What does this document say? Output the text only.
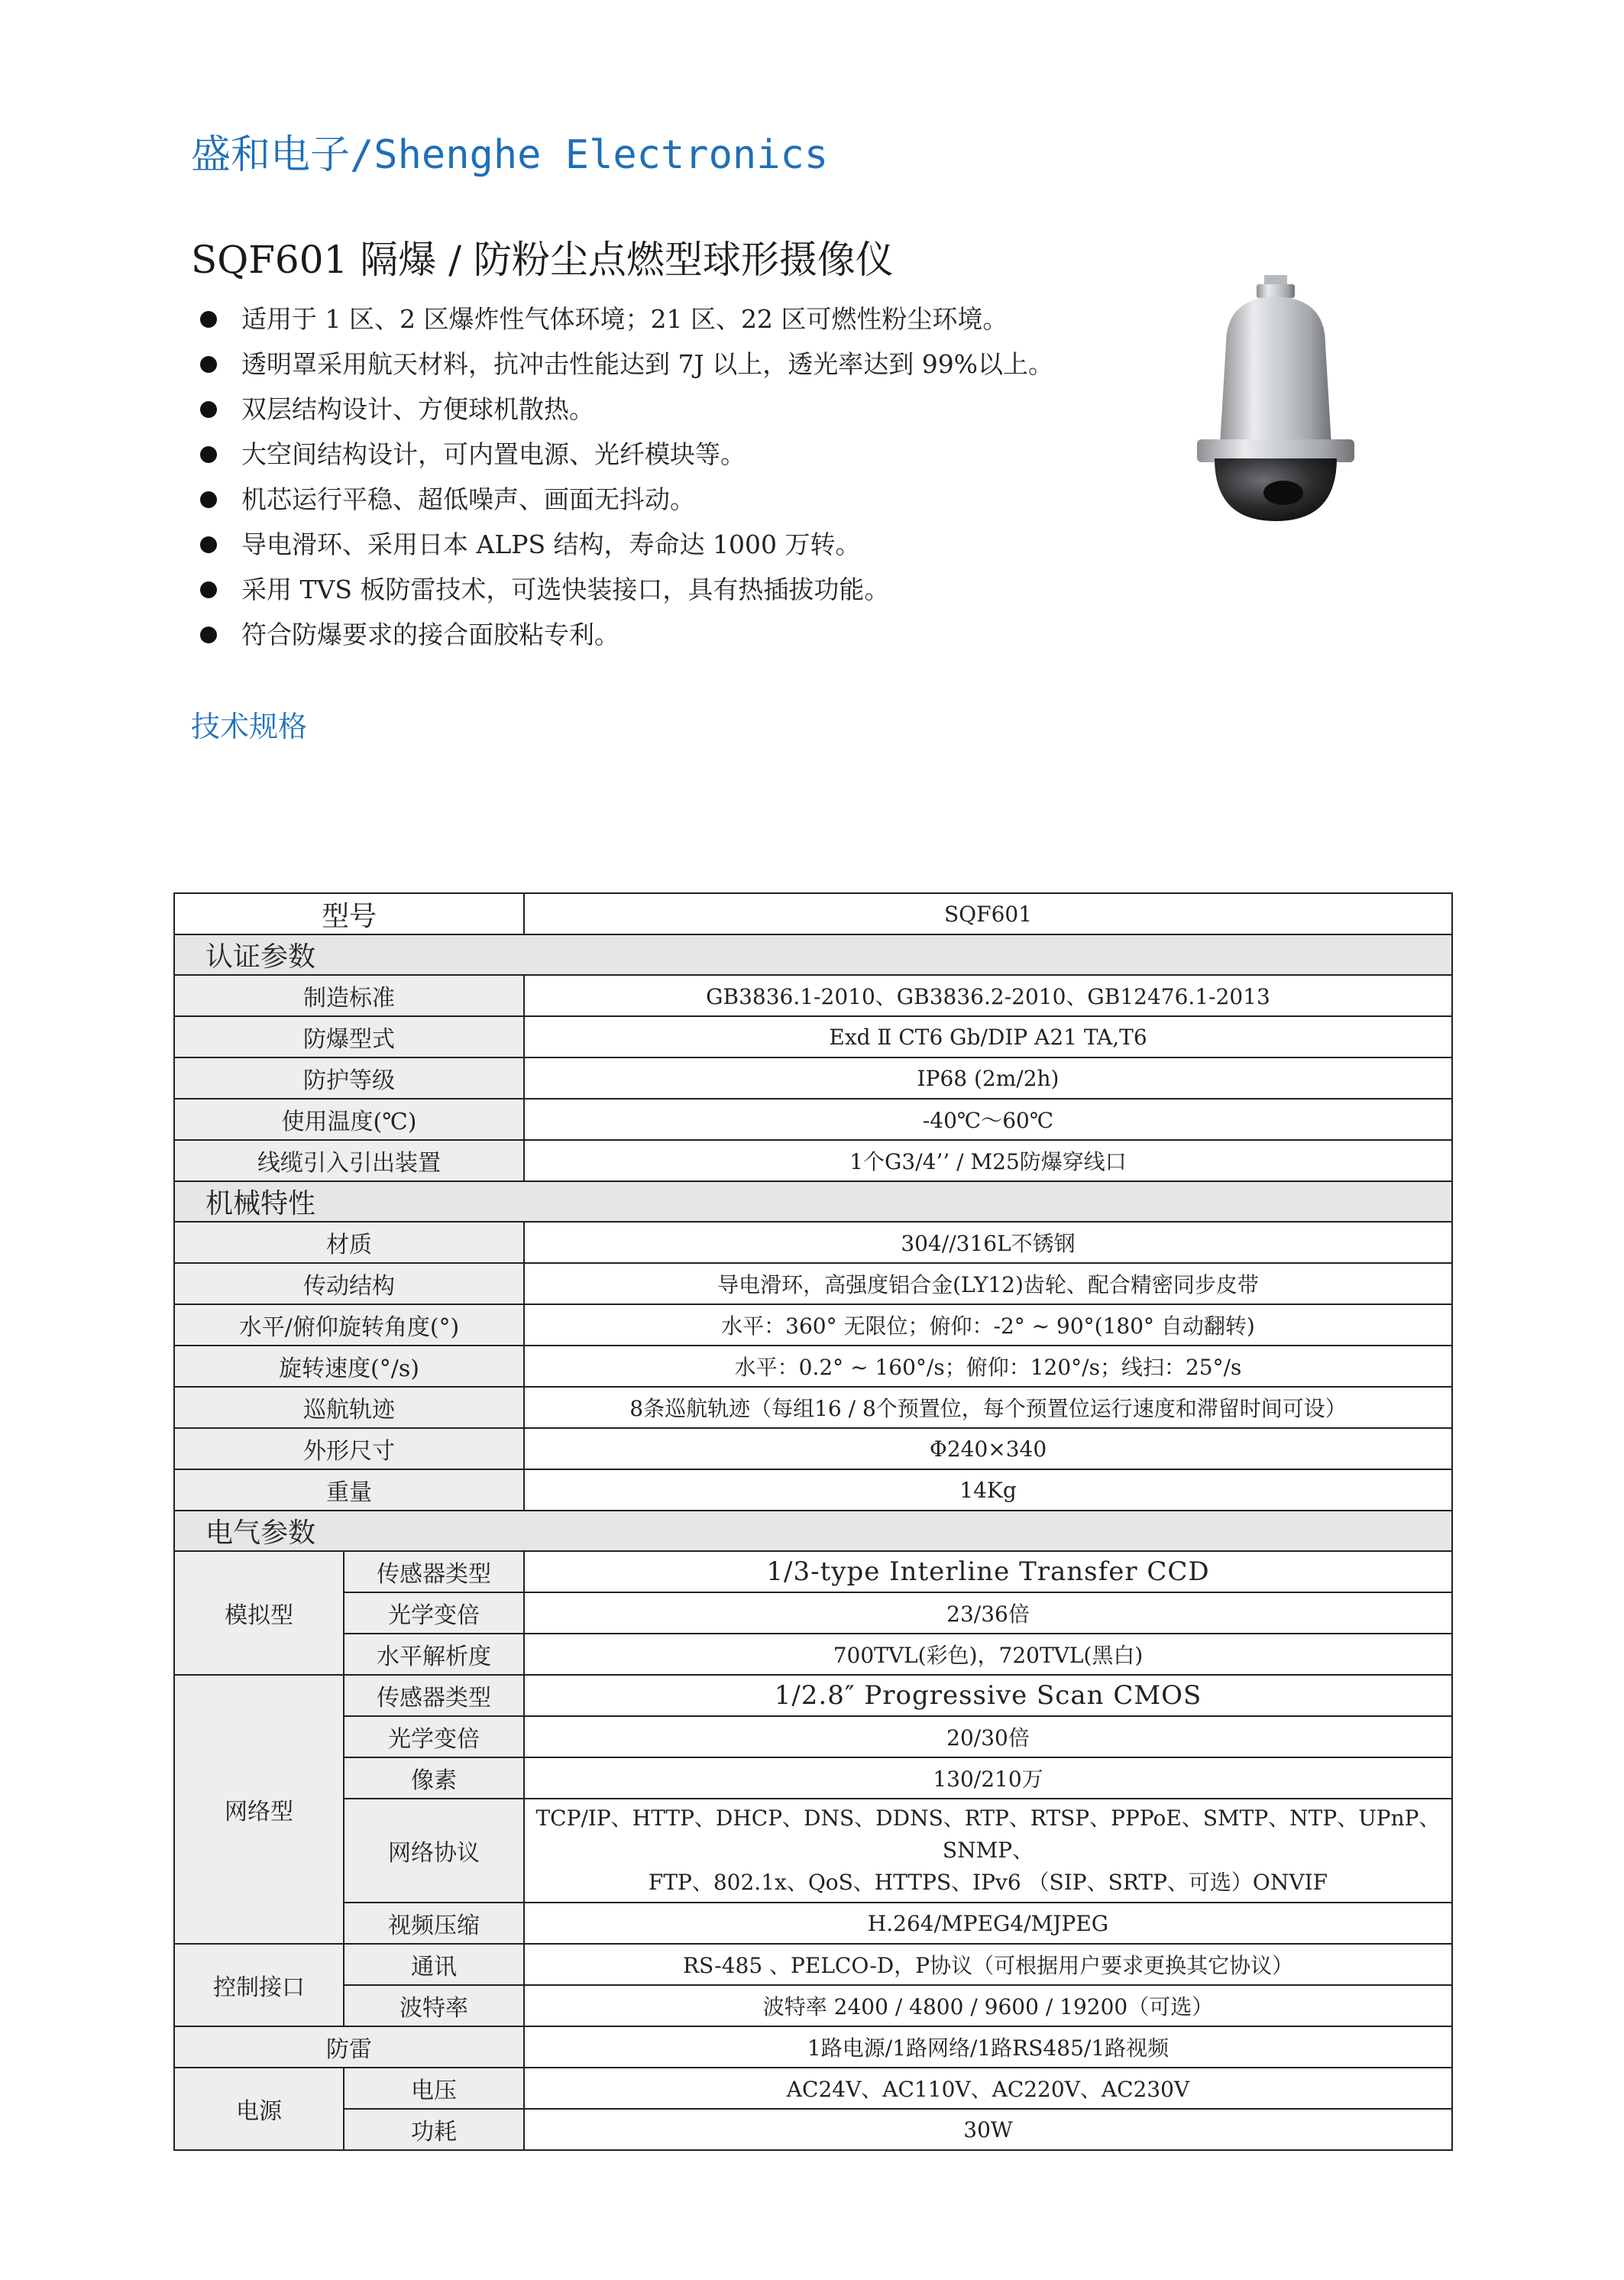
盛和电子/Shenghe Electronics
SQF601 隔爆 / 防粉尘点燃型球形摄像仪
适用于 1 区、2 区爆炸性气体环境；21 区、22 区可燃性粉尘环境。
透明罩采用航天材料，抗冲击性能达到 7J 以上，透光率达到 99%以上。
双层结构设计、方便球机散热。
大空间结构设计，可内置电源、光纤模块等。
机芯运行平稳、超低噪声、画面无抖动。
导电滑环、采用日本 ALPS 结构，寿命达 1000 万转。
采用 TVS 板防雷技术，可选快装接口，具有热插拔功能。
符合防爆要求的接合面胶粘专利。
技术规格
型号		SQF601
认证参数		
制造标准		GB3836.1-2010、GB3836.2-2010、GB12476.1-2013
防爆型式		Exd Ⅱ CT6 Gb/DIP A21 TA,T6
防护等级		IP68 (2m/2h)
使用温度(℃)		-40℃～60℃
线缆引入引出装置		1个G3/4’’ / M25防爆穿线口
机械特性		
材质		304//316L不锈钢
传动结构		导电滑环，高强度铝合金(LY12)齿轮、配合精密同步皮带
水平/俯仰旋转角度(°)		水平：360° 无限位；俯仰：-2° ~ 90°(180° 自动翻转)
旋转速度(°/s)		水平：0.2° ~ 160°/s；俯仰：120°/s；线扫：25°/s
巡航轨迹		8条巡航轨迹（每组16 / 8个预置位，每个预置位运行速度和滞留时间可设）
外形尺寸		Φ240×340
重量		14Kg
电气参数		
模拟型	传感器类型	1/3-type Interline Transfer CCD
	光学变倍	23/36倍
	水平解析度	700TVL(彩色)，720TVL(黑白)
网络型	传感器类型	1/2.8″ Progressive Scan CMOS
	光学变倍	20/30倍
	像素	130/210万
	网络协议	TCP/IP、HTTP、DHCP、DNS、DDNS、RTP、RTSP、PPPoE、SMTP、NTP、UPnP、SNMP、
FTP、802.1x、QoS、HTTPS、IPv6 （SIP、SRTP、可选）ONVIF

	视频压缩	H.264/MPEG4/MJPEG
控制接口	通讯	RS-485 、PELCO-D，P协议（可根据用户要求更换其它协议）
	波特率	波特率 2400 / 4800 / 9600 / 19200（可选）
防雷		1路电源/1路网络/1路RS485/1路视频
电源	电压	AC24V、AC110V、AC220V、AC230V
	功耗	30W
